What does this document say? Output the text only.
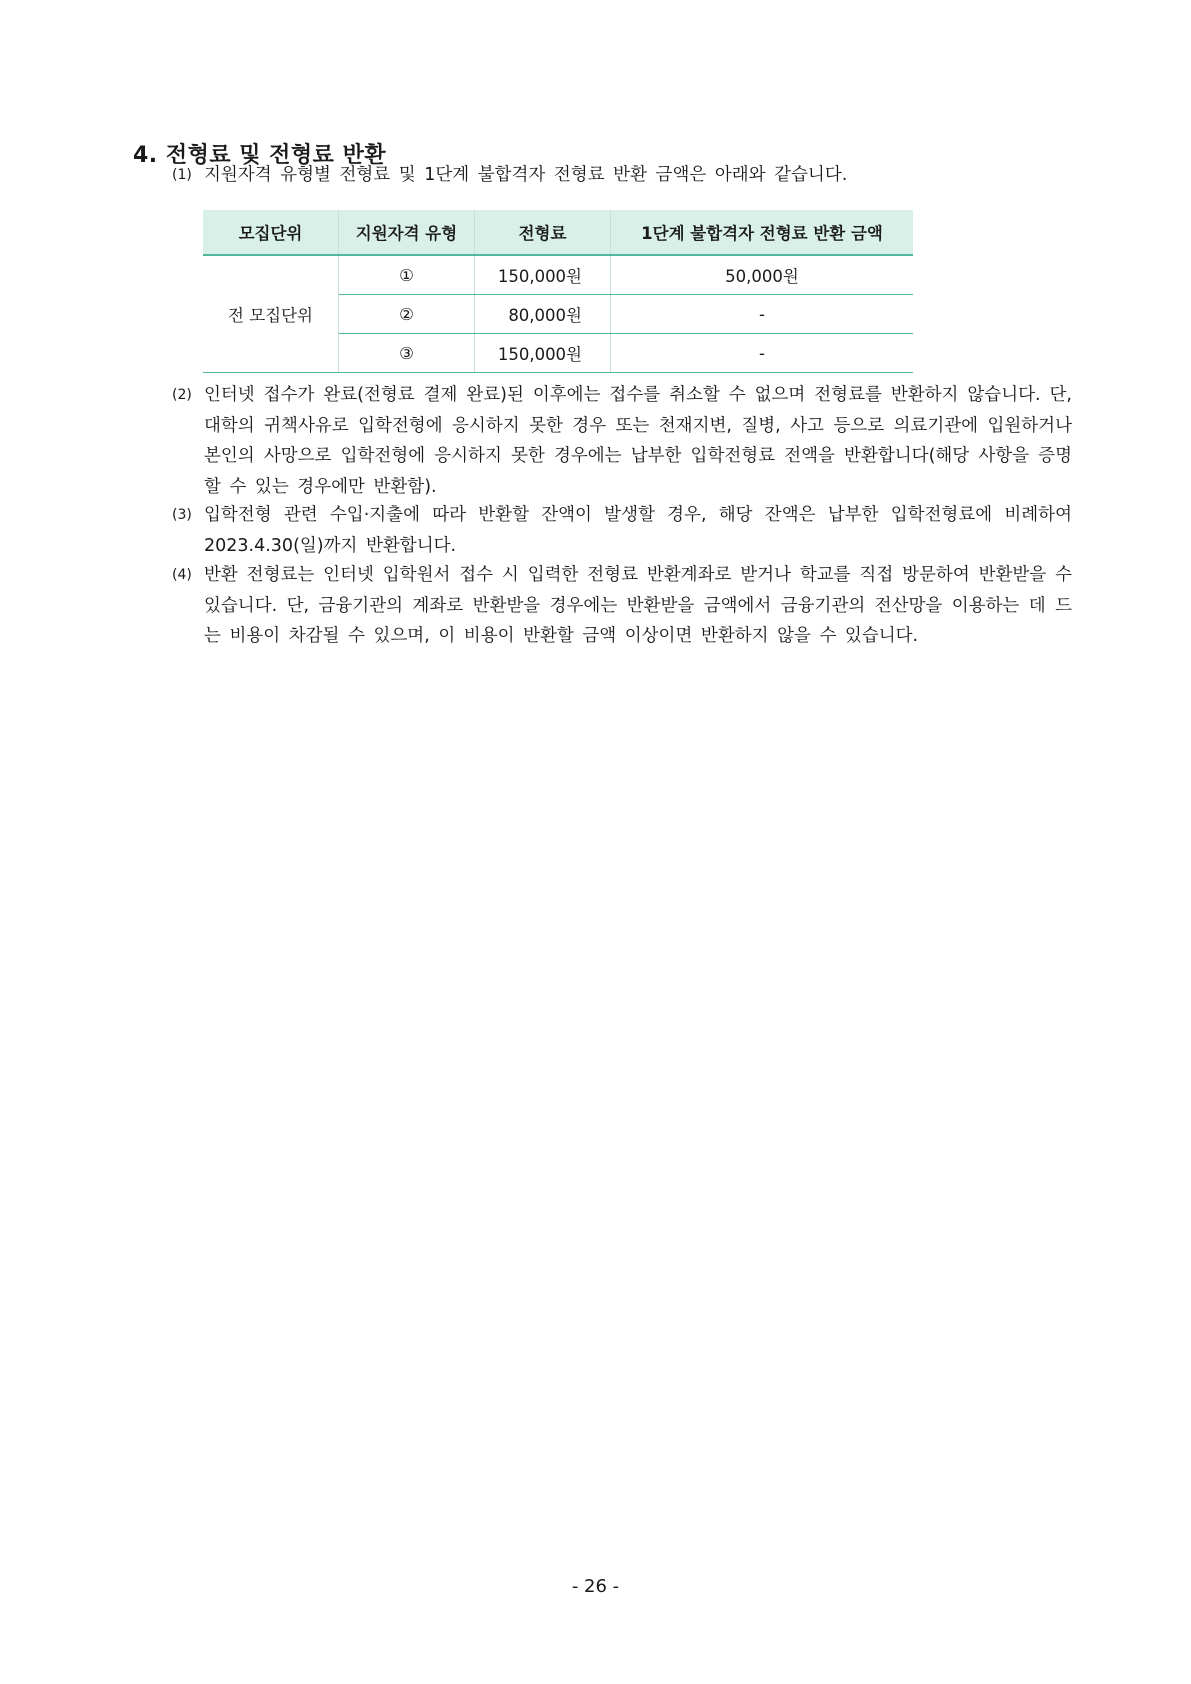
4. 전형료 및 전형료 반환
(1) 지원자격 유형별 전형료 및 1단계 불합격자 전형료 반환 금액은 아래와 같습니다.
모집단위	지원자격 유형	전형료	1단계 불합격자 전형료 반환 금액
전 모집단위	①	150,000원	50,000원
	②	80,000원	-
	③	150,000원	-
(2) 인터넷 접수가 완료(전형료 결제 완료)된 이후에는 접수를 취소할 수 없으며 전형료를 반환하지 않습니다. 단, 대학의 귀책사유로 입학전형에 응시하지 못한 경우 또는 천재지변, 질병, 사고 등으로 의료기관에 입원하거나 본인의 사망으로 입학전형에 응시하지 못한 경우에는 납부한 입학전형료 전액을 반환합니다(해당 사항을 증명할 수 있는 경우에만 반환함).
(3) 입학전형 관련 수입·지출에 따라 반환할 잔액이 발생할 경우, 해당 잔액은 납부한 입학전형료에 비례하여 2023.4.30(일)까지 반환합니다.
(4) 반환 전형료는 인터넷 입학원서 접수 시 입력한 전형료 반환계좌로 받거나 학교를 직접 방문하여 반환받을 수 있습니다. 단, 금융기관의 계좌로 반환받을 경우에는 반환받을 금액에서 금융기관의 전산망을 이용하는 데 드는 비용이 차감될 수 있으며, 이 비용이 반환할 금액 이상이면 반환하지 않을 수 있습니다.
- 26 -
